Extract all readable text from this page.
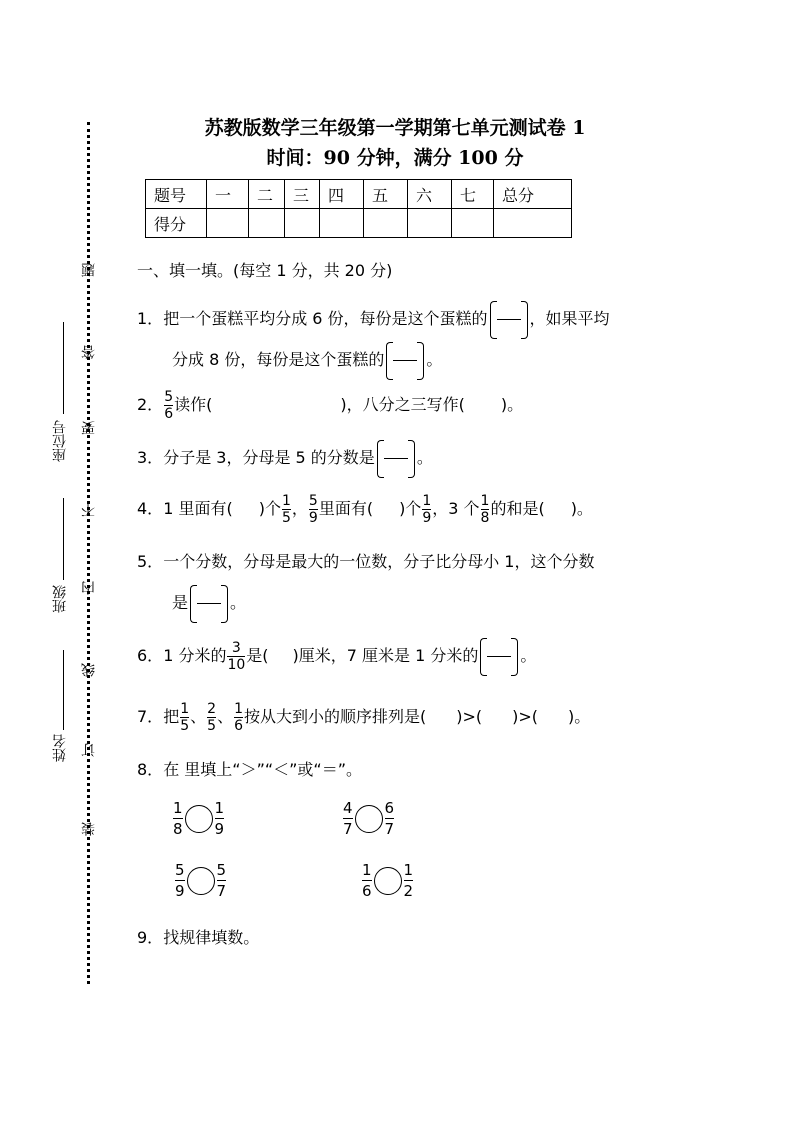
座位号
班级
姓名
题
答
要
不
内
线
订
装
苏教版数学三年级第一学期第七单元测试卷 1
时间：90 分钟，满分 100 分
题号	一	二	三	四	五	六	七	总分
得分								
一、填一填。(每空 1 分，共 20 分)
1．把一个蛋糕平均分成 6 份，每份是这个蛋糕的	，如果平均
分成 8 份，每份是这个蛋糕的	。
2． $\frac{5}{6}$ 读作(	)，八分之三写作( )。
3．分子是 3，分母是 5 的分数是	。
4．1 里面有( )个 $\frac{1}{5}$ ， $\frac{5}{9}$ 里面有( )个 $\frac{1}{9}$ ，3 个 $\frac{1}{8}$ 的和是( )。
5．一个分数，分母是最大的一位数，分子比分母小 1，这个分数
是	。
6．1 分米的 $\frac{3}{10}$ 是( )厘米，7 厘米是 1 分米的	。
7．把 $\frac{1}{5}$ 、 $\frac{2}{5}$ 、 $\frac{1}{6}$ 按从大到小的顺序排列是( )>( )>( )。
8．在 里填上“＞”“＜”或“＝”。
$\frac{1}{8} \frac{1}{9}$	$\frac{4}{7} \frac{6}{7}$
$\frac{5}{9} \frac{5}{7}$	$\frac{1}{6} \frac{1}{2}$
9．找规律填数。
